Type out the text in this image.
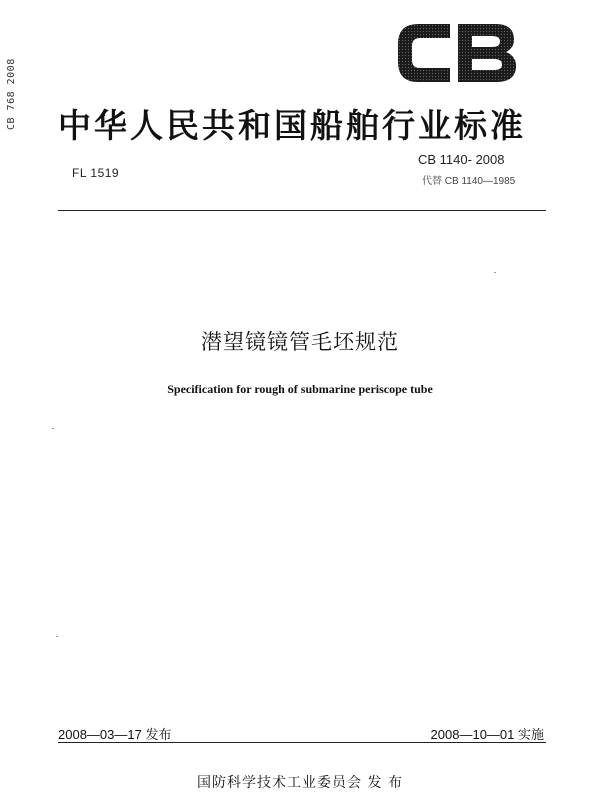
CB 768 2008
CB
中华人民共和国船舶行业标准
FL 1519
CB 1140- 2008
代替 CB 1140—1985
潜望镜镜管毛坯规范
Specification for rough of submarine periscope tube
2008—03—17 发布	2008—10—01 实施
国防科学技术工业委员会 发 布
